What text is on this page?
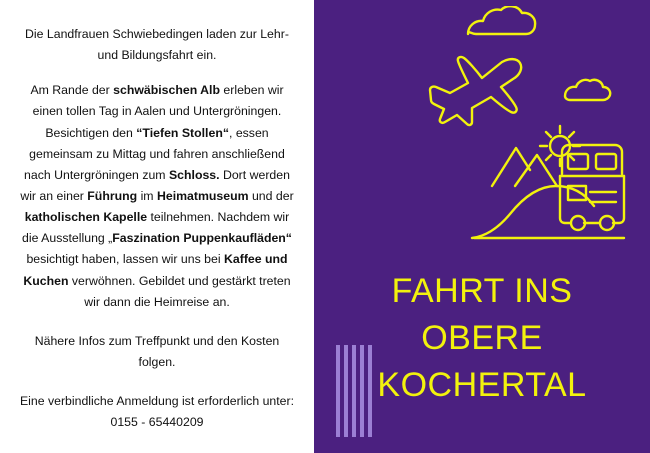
Die Landfrauen Schwiebedingen laden zur Lehr- und Bildungsfahrt ein.

Am Rande der schwäbischen Alb erleben wir einen tollen Tag in Aalen und Untergröningen. Besichtigen den “Tiefen Stollen“, essen gemeinsam zu Mittag und fahren anschließend nach Untergröningen zum Schloss. Dort werden wir an einer Führung im Heimatmuseum und der katholischen Kapelle teilnehmen. Nachdem wir die Ausstellung „Faszination Puppenkaufläden“ besichtigt haben, lassen wir uns bei Kaffee und Kuchen verwöhnen. Gebildet und gestärkt treten wir dann die Heimreise an.

Nähere Infos zum Treffpunkt und den Kosten folgen.

Eine verbindliche Anmeldung ist erforderlich unter: 0155 - 65440209

FAHRT INS
OBERE
KOCHERTAL
